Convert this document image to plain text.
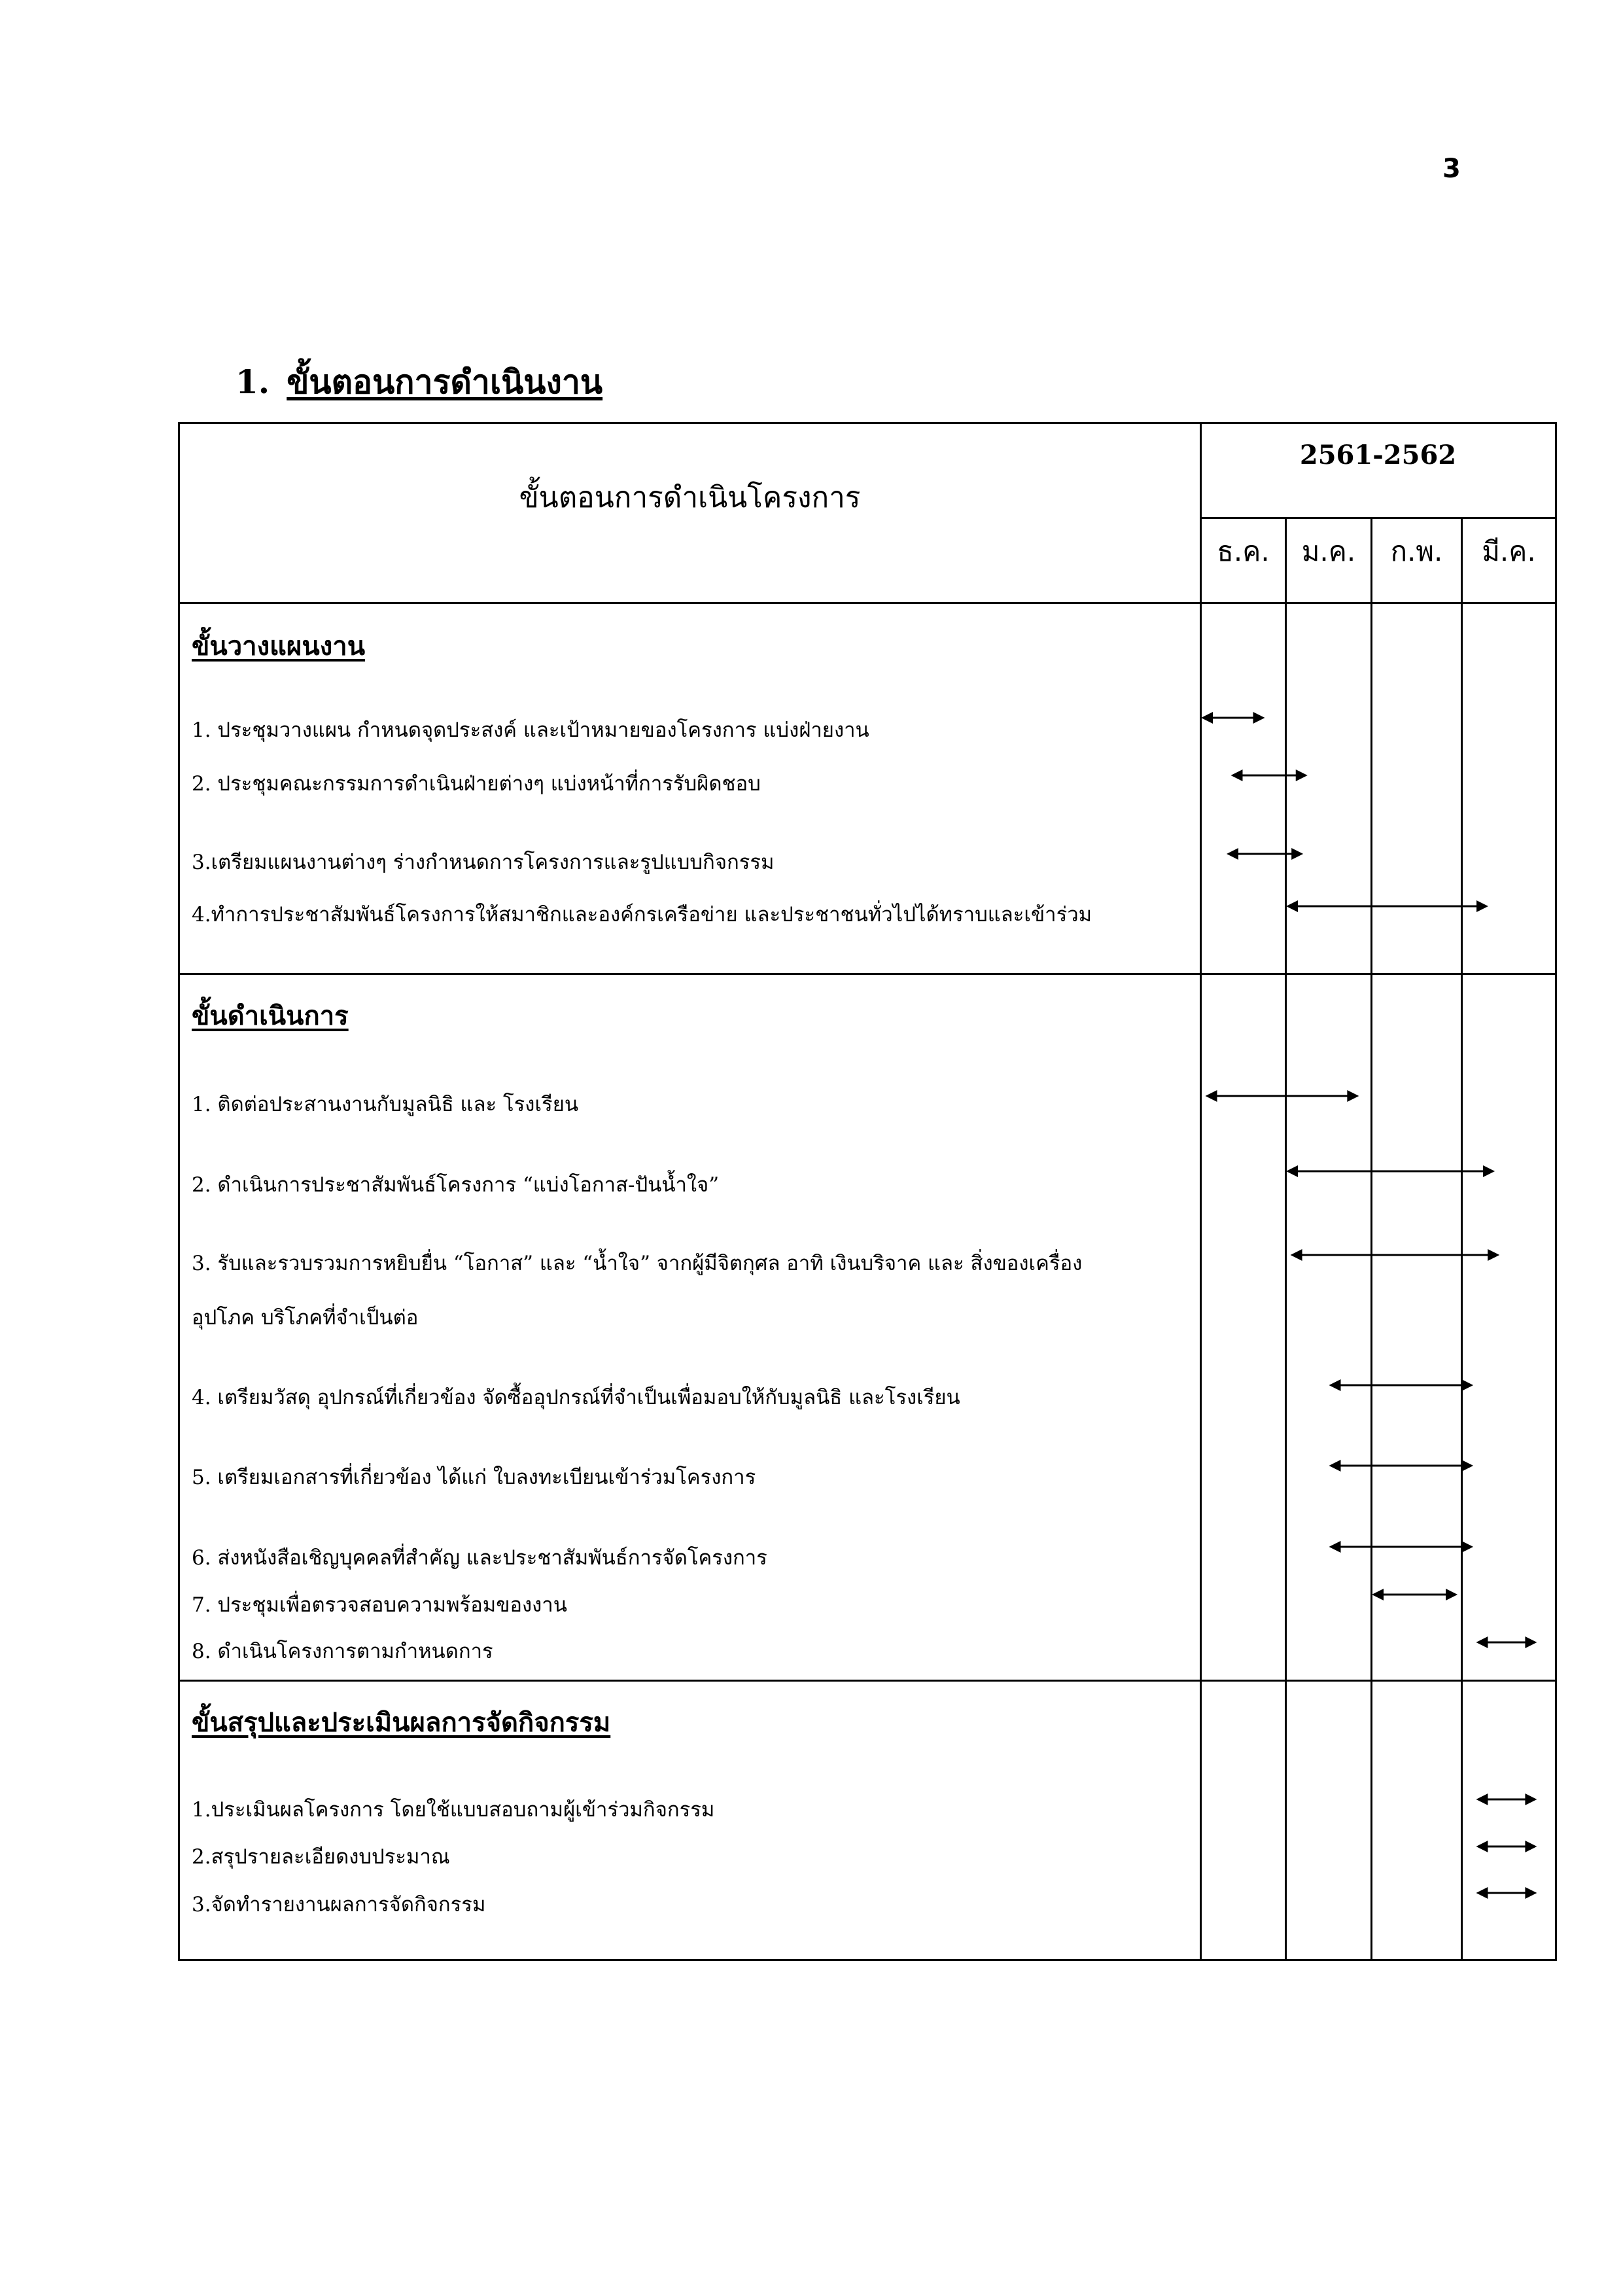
3
1. ขั้นตอนการดำเนินงาน
ขั้นตอนการดำเนินโครงการ
2561-2562
ธ.ค.	ม.ค.	ก.พ.	มี.ค.
ขั้นวางแผนงาน
1. ประชุมวางแผน กำหนดจุดประสงค์ และเป้าหมายของโครงการ แบ่งฝ่ายงาน
2. ประชุมคณะกรรมการดำเนินฝ่ายต่างๆ แบ่งหน้าที่การรับผิดชอบ
3.เตรียมแผนงานต่างๆ ร่างกำหนดการโครงการและรูปแบบกิจกรรม
4.ทำการประชาสัมพันธ์โครงการให้สมาชิกและองค์กรเครือข่าย และประชาชนทั่วไปได้ทราบและเข้าร่วม
ขั้นดำเนินการ
1. ติดต่อประสานงานกับมูลนิธิ และ โรงเรียน
2. ดำเนินการประชาสัมพันธ์โครงการ “แบ่งโอกาส-ปันน้ำใจ”
3. รับและรวบรวมการหยิบยื่น “โอกาส” และ “น้ำใจ” จากผู้มีจิตกุศล อาทิ เงินบริจาค และ สิ่งของเครื่อง
อุปโภค บริโภคที่จำเป็นต่อ
4. เตรียมวัสดุ อุปกรณ์ที่เกี่ยวข้อง จัดซื้ออุปกรณ์ที่จำเป็นเพื่อมอบให้กับมูลนิธิ และโรงเรียน
5. เตรียมเอกสารที่เกี่ยวข้อง ได้แก่ ใบลงทะเบียนเข้าร่วมโครงการ
6. ส่งหนังสือเชิญบุคคลที่สำคัญ และประชาสัมพันธ์การจัดโครงการ
7. ประชุมเพื่อตรวจสอบความพร้อมของงาน
8. ดำเนินโครงการตามกำหนดการ
ขั้นสรุปและประเมินผลการจัดกิจกรรม
1.ประเมินผลโครงการ โดยใช้แบบสอบถามผู้เข้าร่วมกิจกรรม
2.สรุปรายละเอียดงบประมาณ
3.จัดทำรายงานผลการจัดกิจกรรม
